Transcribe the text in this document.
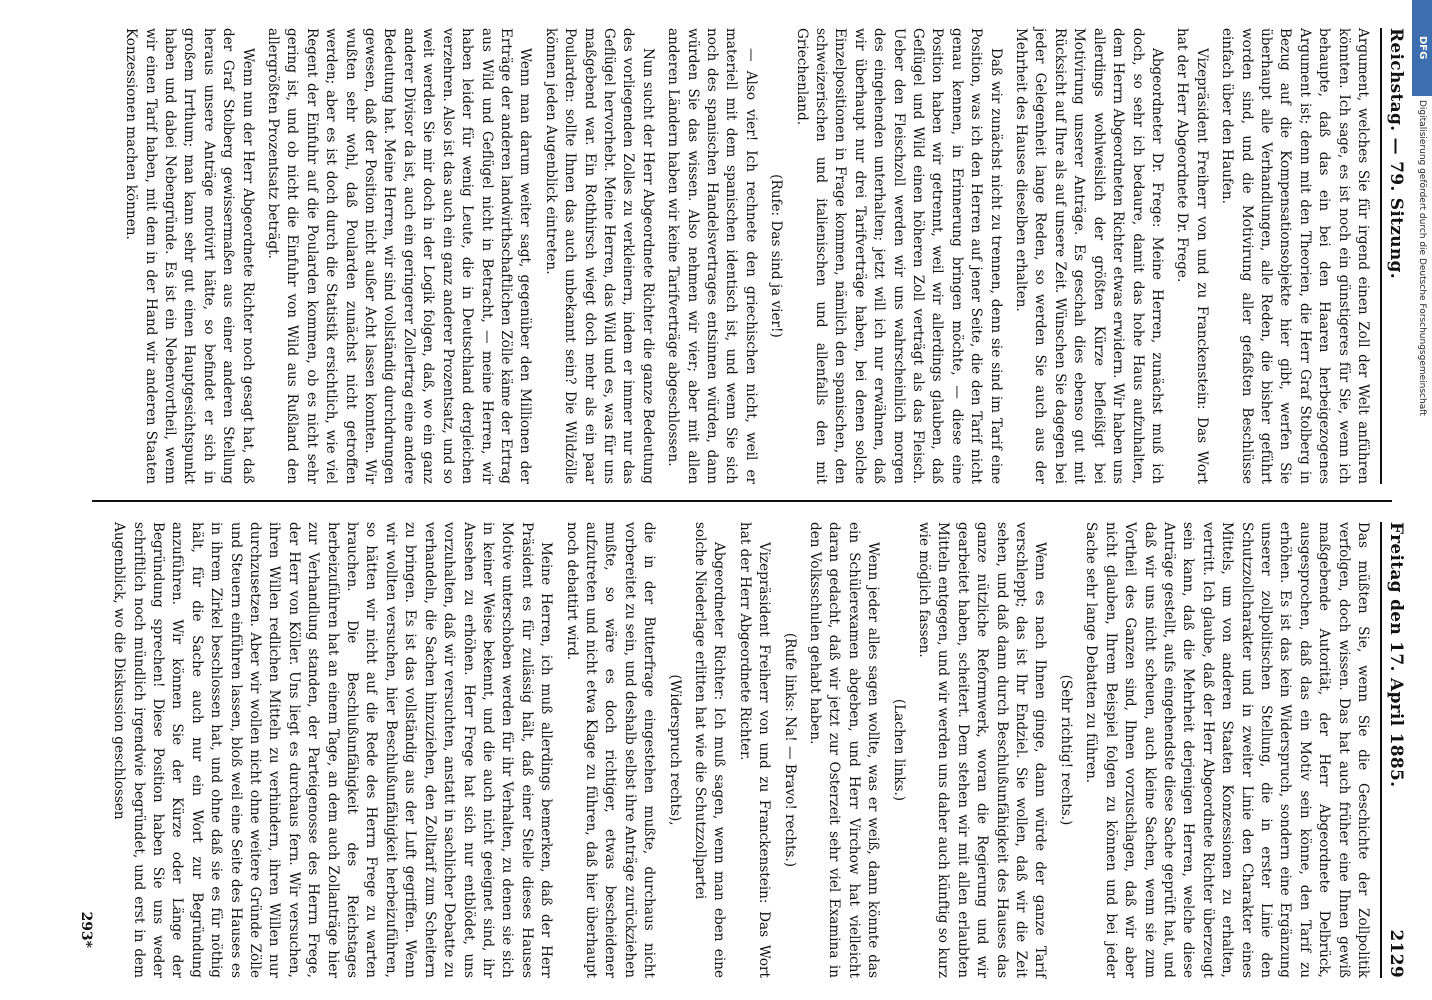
Reichstag. — 79. Sitzung.

Argument, welches Sie für irgend einen Zoll der Welt anführen könnten. Ich sage, es ist noch ein günstigeres für Sie, wenn ich behaupte, daß das ein bei den Haaren herbeigezogenes Argument ist; denn mit den Theorien, die Herr Graf Stolberg in Bezug auf die Kompensationsobjekte hier gibt, werfen Sie überhaupt alle Verhandlungen, alle Reden, die bisher geführt worden sind, und die Motivirung aller gefaßten Beschlüsse einfach über den Haufen.

Vizepräsident Freiherr von und zu Franckenstein: Das Wort hat der Herr Abgeordnete Dr. Frege.

Abgeordneter Dr. Frege: Meine Herren, zunächst muß ich doch, so sehr ich bedaure, damit das hohe Haus aufzuhalten, dem Herrn Abgeordneten Richter etwas erwidern. Wir haben uns allerdings wohlweislich der größten Kürze befleißigt bei Motivirung unserer Anträge. Es geschah dies ebenso gut mit Rücksicht auf Ihre als auf unsere Zeit. Wünschen Sie dagegen bei jeder Gelegenheit lange Reden, so werden Sie auch aus der Mehrheit des Hauses dieselben erhalten.

Daß wir zunächst nicht zu trennen, denn sie sind im Tarif eine Position, was ich den Herren auf jener Seite, die den Tarif nicht genau kennen, in Erinnerung bringen möchte, — diese eine Position haben wir getrennt, weil wir allerdings glauben, daß Geflügel und Wild einen höheren Zoll verträgt als das Fleisch. Ueber den Fleischzoll werden wir uns wahrscheinlich morgen des eingehenden unterhalten; jetzt will ich nur erwähnen, daß wir überhaupt nur drei Tarifverträge haben, bei denen solche Einzelpositionen in Frage kommen, nämlich den spanischen, den schweizerischen und italienischen und allenfalls den mit Griechenland.

(Rufe: Das sind ja vier!)

— Also vier! Ich rechnete den griechischen nicht, weil er materiell mit dem spanischen identisch ist, und wenn Sie sich noch des spanischen Handelsvertrages entsinnen würden, dann würden Sie das wissen. Also nehmen wir vier; aber mit allen anderen Ländern haben wir keine Tarifverträge abgeschlossen.

Nun sucht der Herr Abgeordnete Richter die ganze Bedeutung des vorliegenden Zolles zu verkleinern, indem er immer nur das Geflügel hervorhebt. Meine Herren, das Wild und es, was für uns maßgebend war. Ein Rothhirsch wiegt doch mehr als ein paar Poularden: sollte Ihnen das auch unbekannt sein? Die Wildzölle können jeden Augenblick eintreten.

Wenn man darum weiter sagt, gegenüber den Millionen der Erträge der anderen landwirthschaftlichen Zölle käme der Ertrag aus Wild und Geflügel nicht in Betracht, — meine Herren, wir haben leider für wenig Leute, die in Deutschland dergleichen verzehren. Also ist das auch ein ganz anderer Prozentsatz, und so weit werden Sie mir doch in der Logik folgen, daß, wo ein ganz anderer Divisor da ist, auch ein geringerer Zollertrag eine andere Bedeutung hat. Meine Herren, wir sind vollständig durchdrungen gewesen, daß der Position nicht außer Acht lassen konnten. Wir wußten sehr wohl, daß Poularden zunächst nicht getroffen werden; aber es ist doch durch die Statistik ersichtlich, wie viel Regent der Einfuhr auf die Poularden kommen, ob es nicht sehr gering ist, und ob nicht die Einfuhr von Wild aus Rußland den allergrößten Prozentsatz beträgt.

Wenn nun der Herr Abgeordnete Richter noch gesagt hat, daß der Graf Stolberg gewissermaßen aus einer anderen Stellung heraus unsere Anträge motivirt hätte, so befindet er sich in großem Irrthum; man kann sehr gut einen Hauptgesichtspunkt haben und dabei Nebengründe. Es ist ein Nebenvortheil, wenn wir einen Tarif haben, mit dem in der Hand wir anderen Staaten Konzessionen machen können.

Freitag den 17. April 1885.
2129

Das müßten Sie, wenn Sie die Geschichte der Zollpolitik verfolgen, doch wissen. Das hat auch früher eine Ihnen gewiß maßgebende Autorität, der Herr Abgeordnete Delbrück, ausgesprochen, daß das ein Motiv sein könne, den Tarif zu erhöhen. Es ist das kein Widerspruch, sondern eine Ergänzung unserer zollpolitischen Stellung, die in erster Linie den Schutzzollcharakter und in zweiter Linie den Charakter eines Mittels, um von anderen Staaten Konzessionen zu erhalten, vertritt. Ich glaube, daß der Herr Abgeordnete Richter überzeugt sein kann, daß die Mehrheit derjenigen Herren, welche diese Anträge gestellt, aufs eingehendste diese Sache geprüft hat, und daß wir uns nicht scheuen, auch kleine Sachen, wenn sie zum Vortheil des Ganzen sind, Ihnen vorzuschlagen, daß wir aber nicht glauben, Ihrem Beispiel folgen zu können und bei jeder Sache sehr lange Debatten zu führen.

(Sehr richtig! rechts.)

Wenn es nach Ihnen ginge, dann würde der ganze Tarif verschleppt; das ist Ihr Endziel. Sie wollen, daß wir die Zeit sehen, und daß dann durch Beschlußunfähigkeit des Hauses das ganze nützliche Reformwerk, woran die Regierung und wir gearbeitet haben, scheitert. Dem stehen wir mit allen erlaubten Mitteln entgegen, und wir werden uns daher auch künftig so kurz wie möglich fassen.

(Lachen links.)

Wenn jeder alles sagen wollte, was er weiß, dann könnte das ein Schülerexamen abgeben, und Herr Virchow hat vielleicht daran gedacht, daß wir jetzt zur Osterzeit sehr viel Examina in den Volksschulen gehabt haben.

(Rufe links: Na! — Bravo! rechts.)

Vizepräsident Freiherr von und zu Franckenstein: Das Wort hat der Herr Abgeordnete Richter.

Abgeordneter Richter: Ich muß sagen, wenn man eben eine solche Niederlage erlitten hat wie die Schutzzollpartei

(Widerspruch rechts),

die in der Butterfrage eingestehen mußte, durchaus nicht vorbereitet zu sein, und deshalb selbst ihre Anträge zurückziehen mußte, so wäre es doch richtiger, etwas bescheidener aufzutreten und nicht etwa Klage zu führen, daß hier überhaupt noch debattirt wird.

Meine Herren, ich muß allerdings bemerken, daß der Herr Präsident es für zulässig hält, daß einer Stelle dieses Hauses Motive unterschoben werden für ihr Verhalten, zu denen sie sich in keiner Weise bekennt, und die auch nicht geeignet sind, ihr Ansehen zu erhöhen. Herr Frege hat sich nur entblödet, uns vorzuhalten, daß wir versuchten, anstatt in sachlicher Debatte zu verhandeln, die Sachen hinzuziehen, den Zolltarif zum Scheitern zu bringen. Es ist das vollständig aus der Luft gegriffen. Wenn wir wollten versuchen, hier Beschlußunfähigkeit herbeizuführen, so hätten wir nicht auf die Rede des Herrn Frege zu warten brauchen. Die Beschlußunfähigkeit des Reichstages herbeizuführen hat an einem Tage, an dem auch Zollanträge hier zur Verhandlung standen, der Parteigenosse des Herrn Frege, der Herr von Köller. Uns liegt es durchaus fern. Wir versuchen, ihren Willen redlichen Mitteln zu verhindern, ihren Willen nur durchzusetzen. Aber wir wollen nicht ohne weitere Gründe Zölle und Steuern einführen lassen, bloß weil eine Seite des Hauses es in ihrem Zirkel beschlossen hat, und ohne daß sie es für nöthig hält, für die Sache auch nur ein Wort zur Begründung anzuführen. Wir können Sie der Kürze oder Länge der Begründung sprechen! Diese Position haben Sie uns weder schriftlich noch mündlich irgendwie begründet, und erst in dem Augenblick, wo die Diskussion geschlossen

293*
DFG
Digitalisierung gefördert durch die Deutsche Forschungsgemeinschaft
